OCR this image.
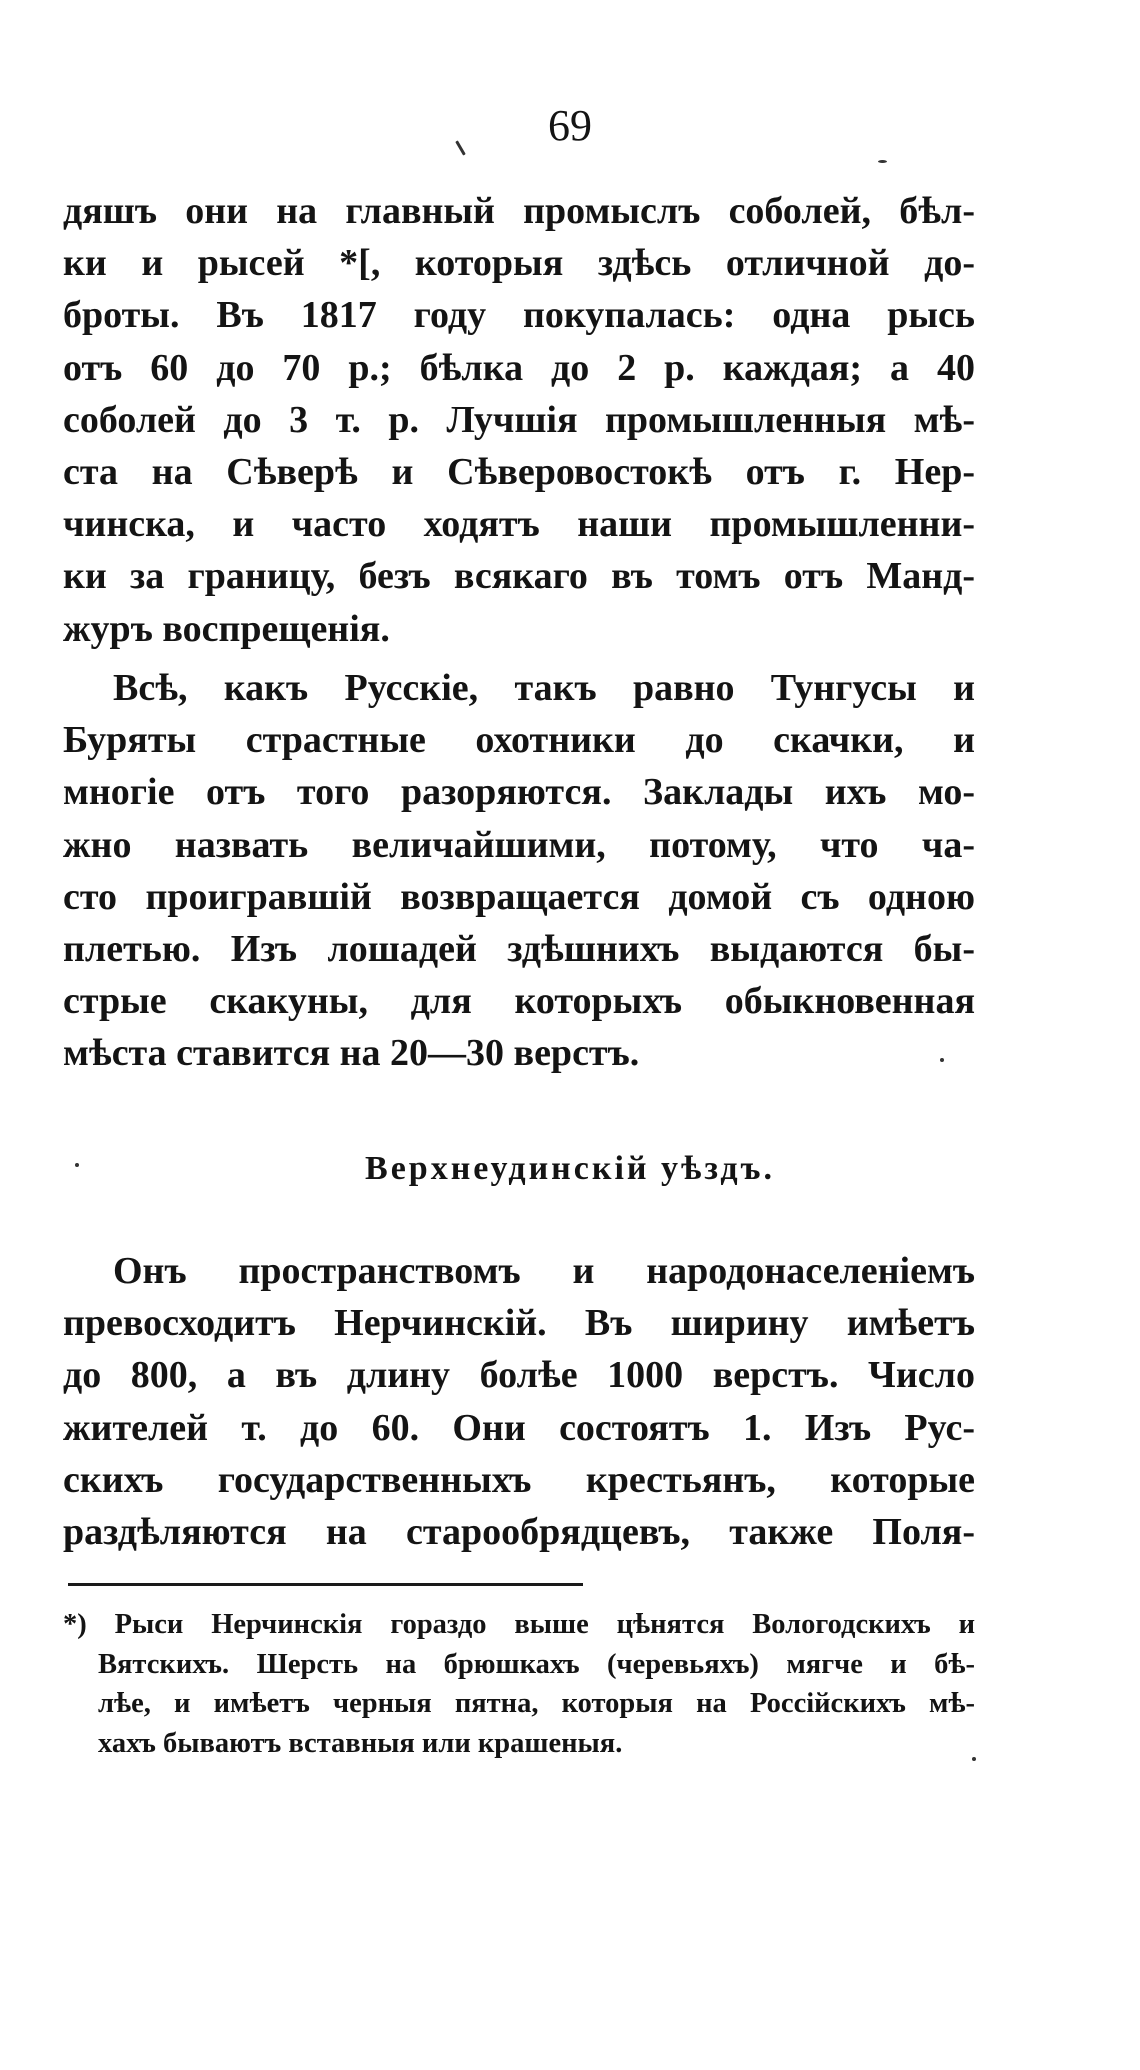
69
дяшъ они на главный промыслъ соболей, бѣл-
ки и рысей *[, которыя здѣсь отличной до-
броты. Въ 1817 году покупалась: одна рысь
отъ 60 до 70 р.; бѣлка до 2 р. каждая; а 40
соболей до 3 т. р. Лучшія промышленныя мѣ-
ста на Сѣверѣ и Сѣверовостокѣ отъ г. Нер-
чинска, и часто ходятъ наши промышленни-
ки за границу, безъ всякаго въ томъ отъ Манд-
журъ воспрещенія.
Всѣ, какъ Русскіе, такъ равно Тунгусы и
Буряты страстные охотники до скачки, и
многіе отъ того разоряются. Заклады ихъ мо-
жно назвать величайшими, потому, что ча-
сто проигравшій возвращается домой съ одною
плетью. Изъ лошадей здѣшнихъ выдаются бы-
стрые скакуны, для которыхъ обыкновенная
мѣста ставится на 20—30 верстъ.
Верхнеудинскій уѣздъ.
Онъ пространствомъ и народонаселеніемъ
превосходитъ Нерчинскій. Въ ширину имѣетъ
до 800, а въ длину болѣе 1000 верстъ. Число
жителей т. до 60. Они состоятъ 1. Изъ Рус-
скихъ государственныхъ крестьянъ, которые
раздѣляются на старообрядцевъ, также Поля-
*) Рыси Нерчинскія гораздо выше цѣнятся Вологодскихъ и
Вятскихъ. Шерсть на брюшкахъ (черевьяхъ) мягче и бѣ-
лѣе, и имѣетъ черныя пятна, которыя на Россійскихъ мѣ-
хахъ бываютъ вставныя или крашеныя.
